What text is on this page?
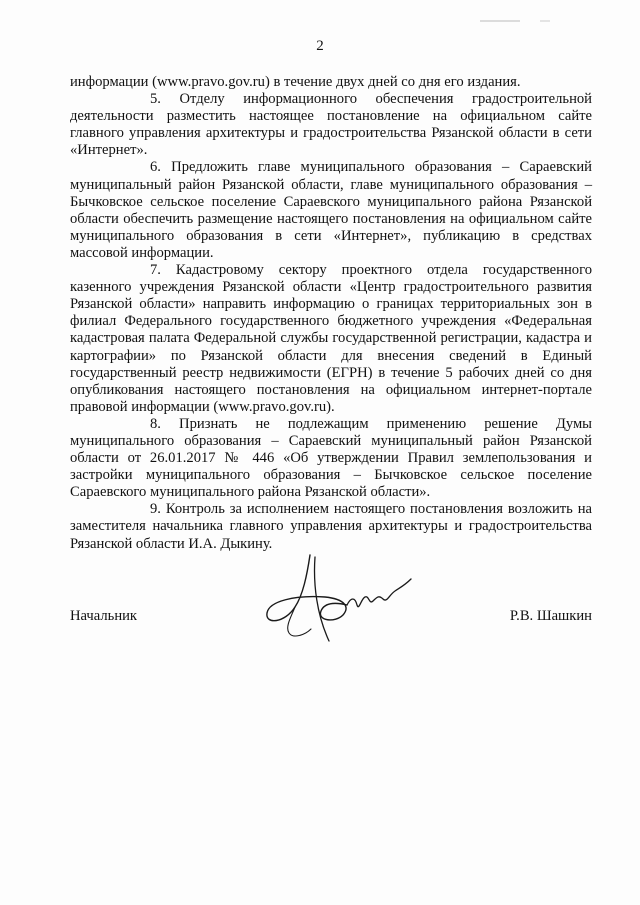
2

информации (www.pravo.gov.ru) в течение двух дней со дня его издания.

5. Отделу информационного обеспечения градостроительной деятельности разместить настоящее постановление на официальном сайте главного управления архитектуры и градостроительства Рязанской области в сети «Интернет».

6. Предложить главе муниципального образования – Сараевский муниципальный район Рязанской области, главе муниципального образования – Бычковское сельское поселение Сараевского муниципального района Рязанской области обеспечить размещение настоящего постановления на официальном сайте муниципального образования в сети «Интернет», публикацию в средствах массовой информации.

7. Кадастровому сектору проектного отдела государственного казенного учреждения Рязанской области «Центр градостроительного развития Рязанской области» направить информацию о границах территориальных зон в филиал Федерального государственного бюджетного учреждения «Федеральная кадастровая палата Федеральной службы государственной регистрации, кадастра и картографии» по Рязанской области для внесения сведений в Единый государственный реестр недвижимости (ЕГРН) в течение 5 рабочих дней со дня опубликования настоящего постановления на официальном интернет-портале правовой информации (www.pravo.gov.ru).

8. Признать не подлежащим применению решение Думы муниципального образования – Сараевский муниципальный район Рязанской области от 26.01.2017 № 446 «Об утверждении Правил землепользования и застройки муниципального образования – Бычковское сельское поселение Сараевского муниципального района Рязанской области».

9. Контроль за исполнением настоящего постановления возложить на заместителя начальника главного управления архитектуры и градостроительства Рязанской области И.А. Дыкину.

Начальник	Р.В. Шашкин
